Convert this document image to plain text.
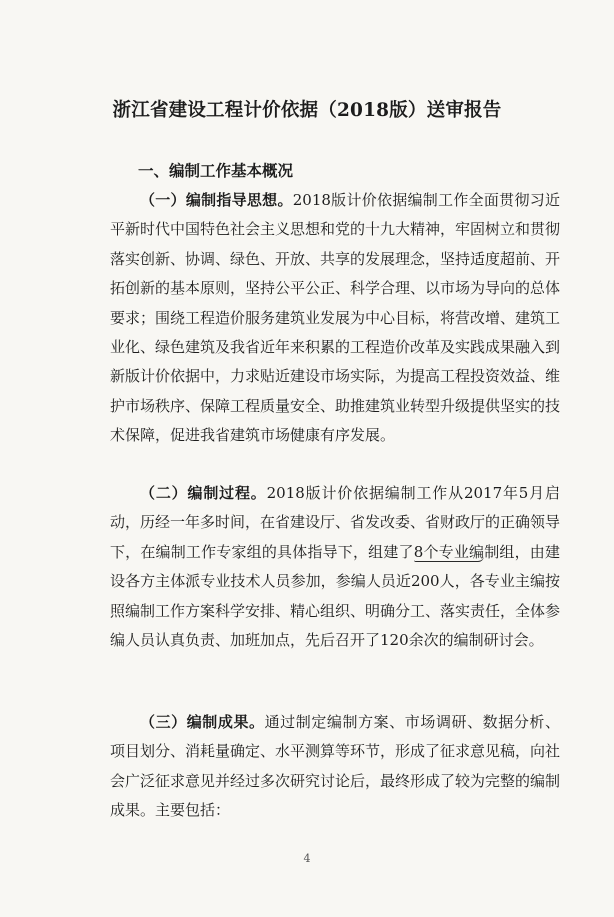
浙江省建设工程计价依据（2018版）送审报告
一、编制工作基本概况

（一）编制指导思想。2018版计价依据编制工作全面贯彻习近平新时代中国特色社会主义思想和党的十九大精神，牢固树立和贯彻落实创新、协调、绿色、开放、共享的发展理念，坚持适度超前、开拓创新的基本原则，坚持公平公正、科学合理、以市场为导向的总体要求；围绕工程造价服务建筑业发展为中心目标，将营改增、建筑工业化、绿色建筑及我省近年来积累的工程造价改革及实践成果融入到新版计价依据中，力求贴近建设市场实际，为提高工程投资效益、维护市场秩序、保障工程质量安全、助推建筑业转型升级提供坚实的技术保障，促进我省建筑市场健康有序发展。

（二）编制过程。2018版计价依据编制工作从2017年5月启动，历经一年多时间，在省建设厅、省发改委、省财政厅的正确领导下，在编制工作专家组的具体指导下，组建了8个专业编制组，由建设各方主体派专业技术人员参加，参编人员近200人，各专业主编按照编制工作方案科学安排、精心组织、明确分工、落实责任，全体参编人员认真负责、加班加点，先后召开了120余次的编制研讨会。

（三）编制成果。通过制定编制方案、市场调研、数据分析、项目划分、消耗量确定、水平测算等环节，形成了征求意见稿，向社会广泛征求意见并经过多次研究讨论后，最终形成了较为完整的编制成果。主要包括：

4
